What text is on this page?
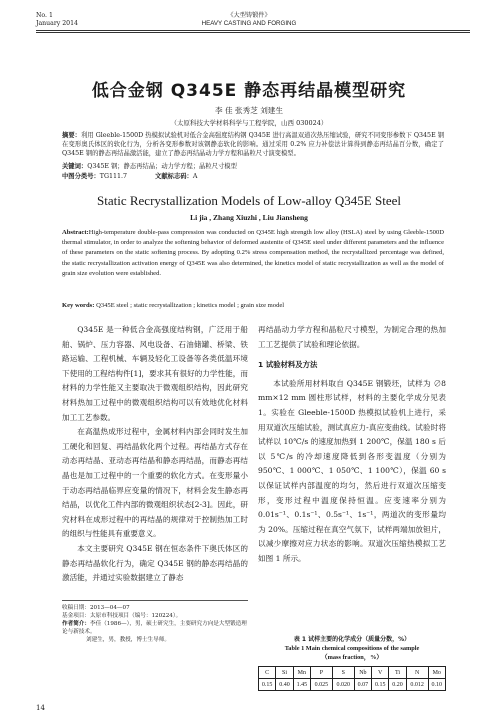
No. 1
January 2014
《大型铸锻件》
HEAVY CASTING AND FORGING
低合金钢 Q345E 静态再结晶模型研究
李 佳 张秀芝 刘建生
（太原科技大学材料科学与工程学院，山西 030024）
摘要：利用 Gleeble-1500D 热模拟试验机对低合金高强度结构钢 Q345E 进行高温双道次热压缩试验，研究不同变形参数下 Q345E 钢在变形奥氏体区的软化行为，分析各变形参数对该钢静态软化的影响。通过采用 0.2% 应力补偿法计算得到静态再结晶百分数，确定了 Q345E 钢的静态再结晶激活能，建立了静态再结晶动力学方程和晶粒尺寸演变模型。
关键词：Q345E 钢；静态再结晶；动力学方程；晶粒尺寸模型
中图分类号：TG111.7	文献标志码：A
Static Recrystallization Models of Low-alloy Q345E Steel
Li jia , Zhang Xiuzhi , Liu Jiansheng
Abstract:High-temperature double-pass compression was conducted on Q345E high strength low alloy (HSLA) steel by using Gleeble-1500D thermal stimulator, in order to analyze the softening behavior of deformed austenite of Q345E steel under different parameters and the influence of these parameters on the static softening process. By adopting 0.2% stress compensation method, the recrystallized percentage was defined, the static recrystallization activation energy of Q345E was also determined, the kinetics model of static recrystallization as well as the model of grain size evolution were established.
Key words: Q345E steel ; static recrystallization ; kinetics model ; grain size model

Q345E 是一种低合金高强度结构钢，广泛用于船舶、锅炉、压力容器、风电设备、石油储罐、桥梁、铁路运输、工程机械、车辆及轻化工设备等各类低温环境下使用的工程结构件[1]，要求其有很好的力学性能，而材料的力学性能又主要取决于微观组织结构，因此研究材料热加工过程中的微观组织结构可以有效地优化材料加工工艺参数。

在高温热成形过程中，金属材料内部会同时发生加工硬化和回复、再结晶软化两个过程。再结晶方式存在动态再结晶、亚动态再结晶和静态再结晶，而静态再结晶也是加工过程中的一个重要的软化方式。在变形量小于动态再结晶临界应变量的情况下，材料会发生静态再结晶，以优化工件内部的微观组织状态[2-3]。因此，研究材料在成形过程中的再结晶的规律对于控制热加工时的组织与性能具有重要意义。

本文主要研究 Q345E 钢在恒态条件下奥氏体区的静态再结晶软化行为，确定 Q345E 钢的静态再结晶的激活能，并通过实验数据建立了静态

收稿日期：2013—04—07
基金项目：太原市科技项目（编号：120224）。
作者简介：李佳（1986—），男，硕士研究生，主要研究方向是大型锻造理论与新技术。
刘建生，男，教授，博士生导师。
再结晶动力学方程和晶粒尺寸模型，为制定合理的热加工工艺提供了试验和理论依据。
1 试验材料及方法

本试验所用材料取自 Q345E 钢锻坯，试样为 ∅8 mm×12 mm 圆柱形试样，材料的主要化学成分见表 1。实验在 Gleeble-1500D 热模拟试验机上进行，采用双道次压缩试验，测试真应力-真应变曲线。试验时将试样以 10℃/s 的速度加热到 1 200℃，保温 180 s 后以 5℃/s 的冷却速度降低到各形变温度（分别为 950℃、1 000℃、1 050℃、1 100℃），保温 60 s 以保证试样内部温度的均匀，然后进行双道次压缩变形，变形过程中温度保持恒温。应变速率分别为 0.01s⁻¹、0.1s⁻¹、0.5s⁻¹、1s⁻¹，两道次的变形量均为 20%。压缩过程在真空气氛下，试样两端加放钽片，以减少摩擦对应力状态的影响。双道次压缩热模拟工艺如图 1 所示。

表 1 试样主要的化学成分（质量分数，%）
Table 1 Main chemical compositions of the sample
（mass fraction，%）
C	Si	Mn	P	S	Nb	V	Ti	N	Mo
0.15	0.40	1.45	0.025	0.020	0.07	0.15	0.20	0.012	0.10
14
